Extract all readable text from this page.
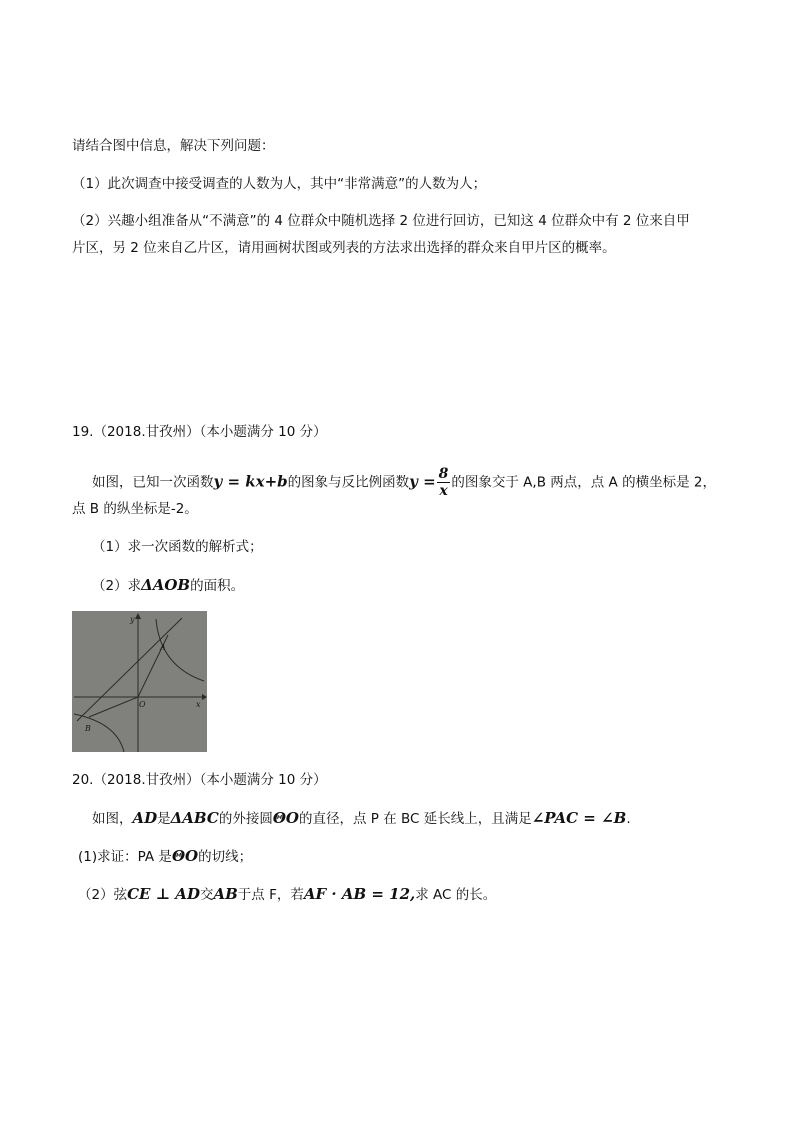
请结合图中信息，解决下列问题：
（1）此次调查中接受调查的人数为人，其中“非常满意”的人数为人；
（2）兴趣小组准备从“不满意”的 4 位群众中随机选择 2 位进行回访，已知这 4 位群众中有 2 位来自甲
片区，另 2 位来自乙片区，请用画树状图或列表的方法求出选择的群众来自甲片区的概率。
19.（2018.甘孜州）（本小题满分 10 分）
如图，已知一次函数y = kx+b的图象与反比例函数$y = \frac{8}{x}$ 的图象交于 A,B 两点，点 A 的横坐标是 2，
点 B 的纵坐标是-2。
（1）求一次函数的解析式；
（2）求ΔAOB的面积。
y
x
O
A
B
20.（2018.甘孜州）（本小题满分 10 分）
如图，AD是ΔABC的外接圆ΘO的直径，点 P 在 BC 延长线上，且满足∠PAC = ∠B.
(1)求证：PA 是ΘO的切线；
（2）弦CE ⊥ AD交AB于点 F，若AF · AB = 12,求 AC 的长。
